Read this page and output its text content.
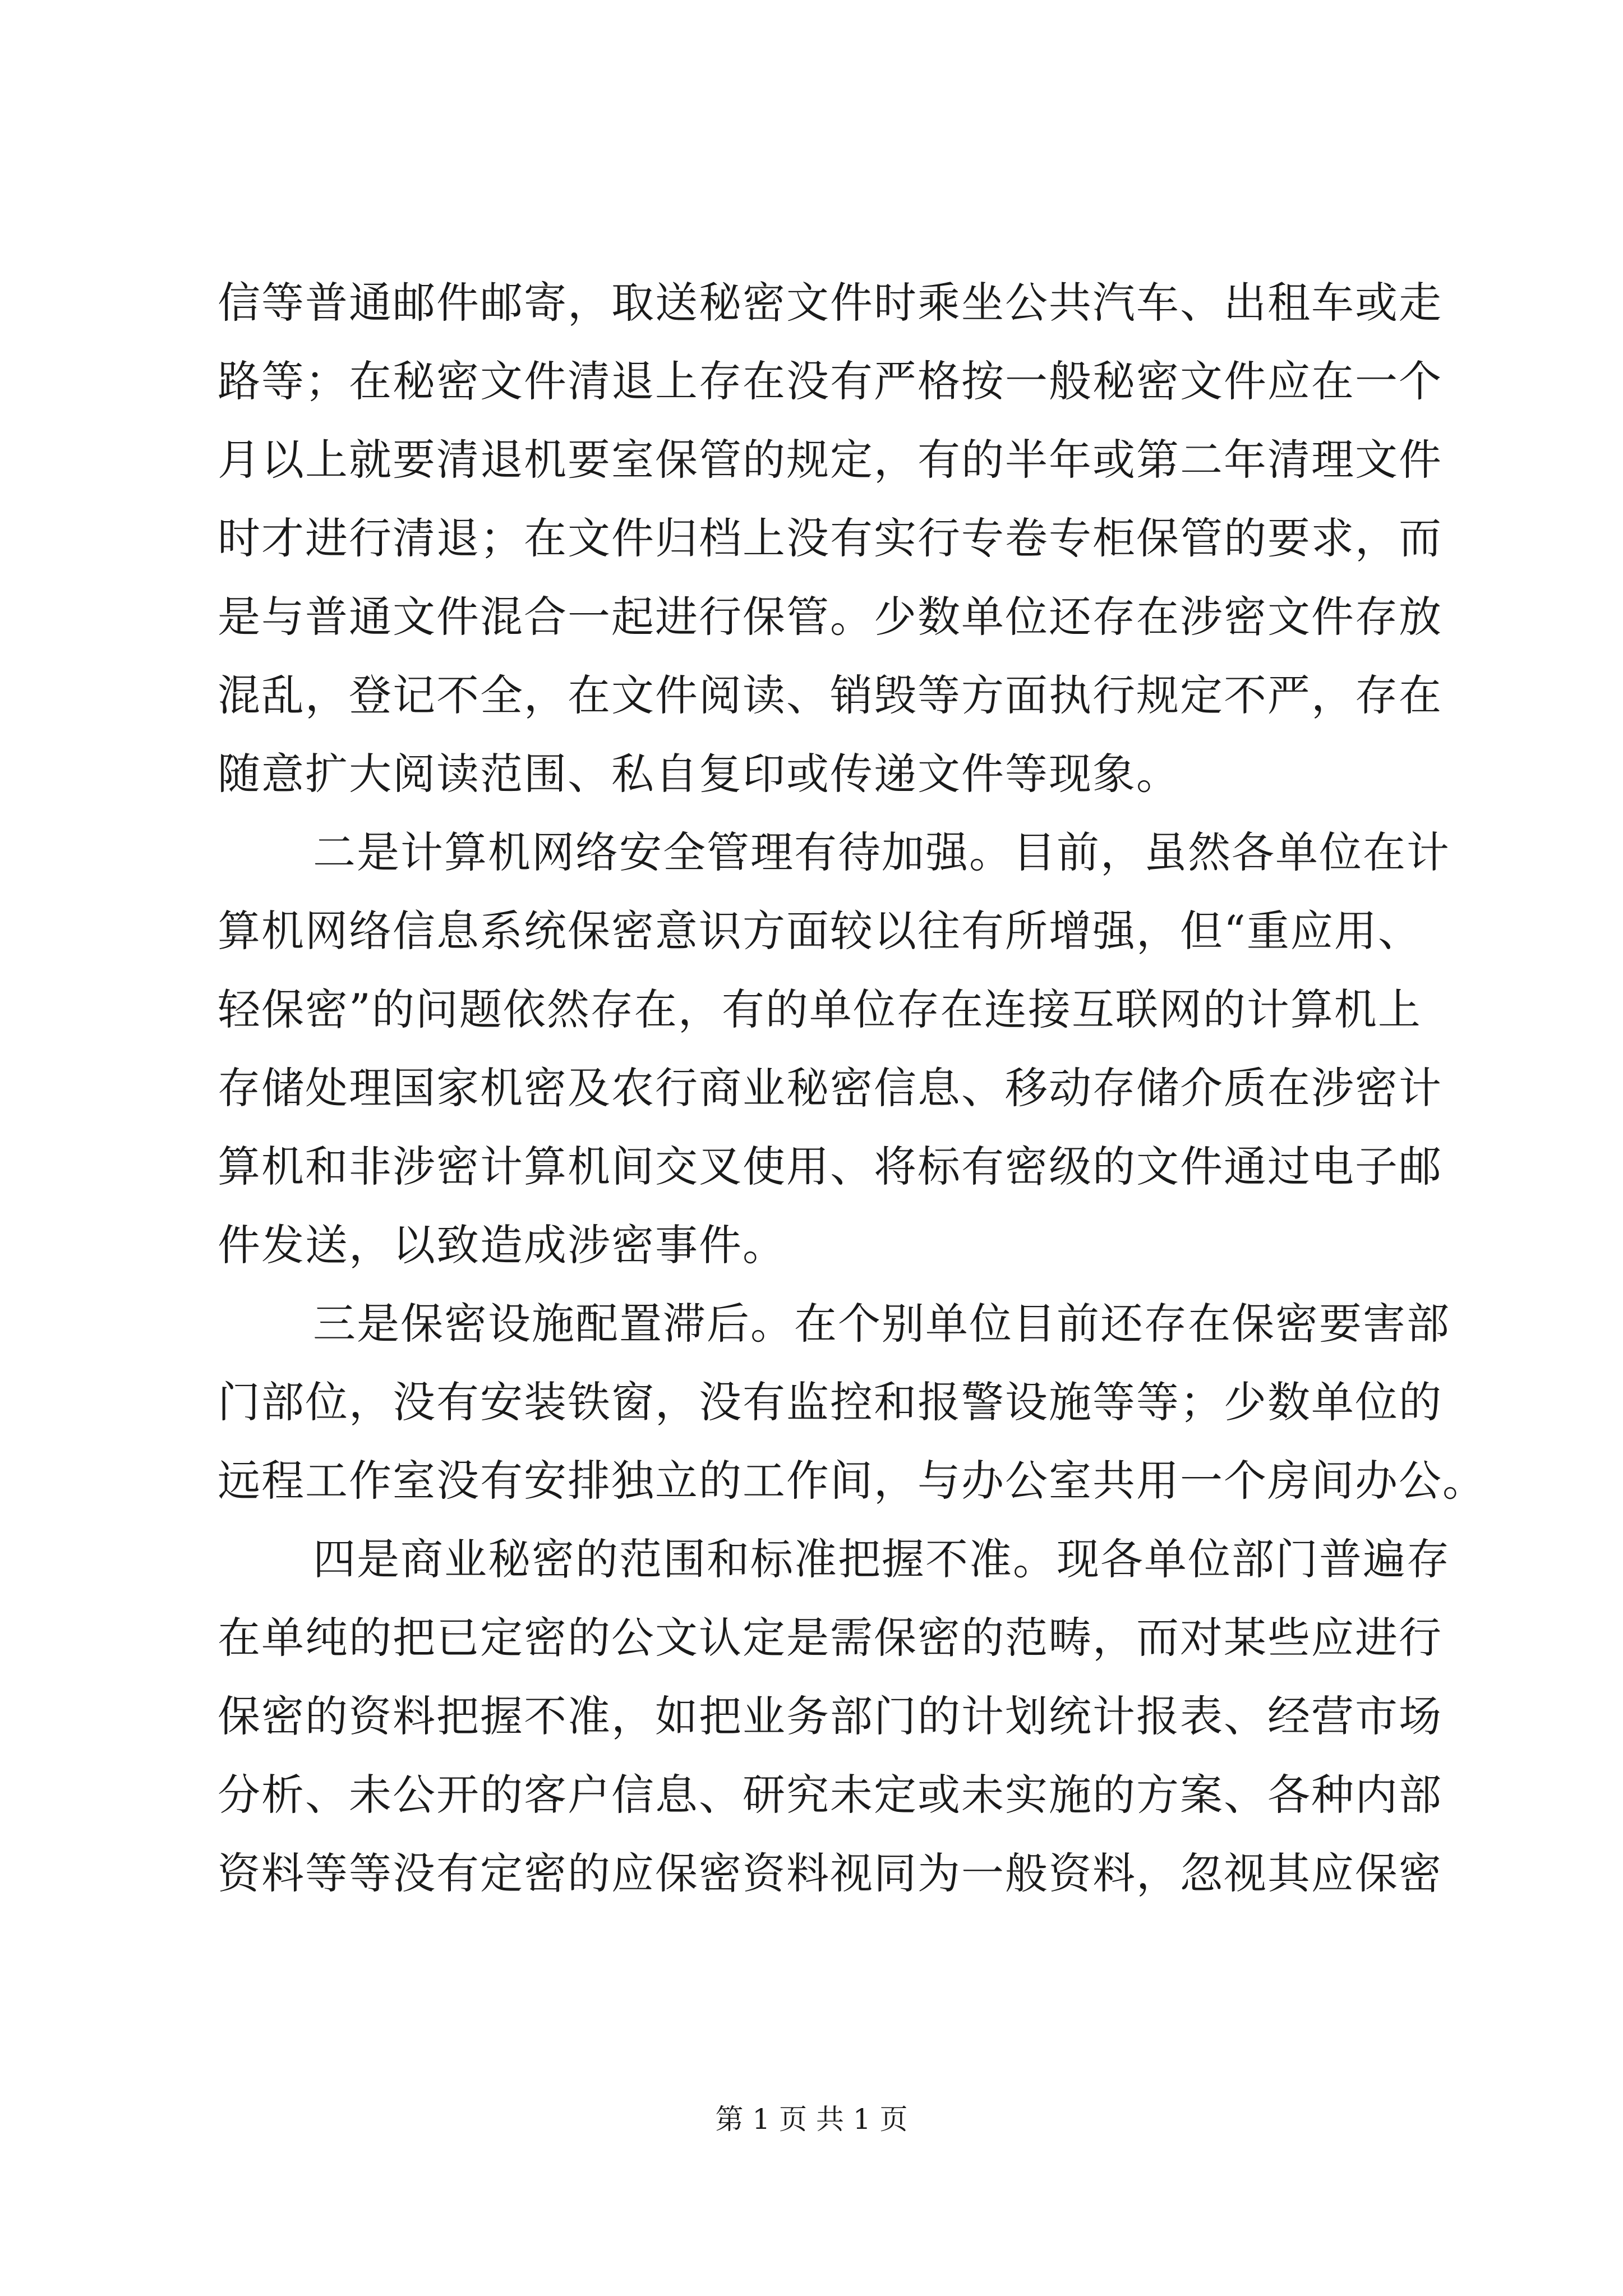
信等普通邮件邮寄，取送秘密文件时乘坐公共汽车、出租车或走
路等；在秘密文件清退上存在没有严格按一般秘密文件应在一个
月以上就要清退机要室保管的规定，有的半年或第二年清理文件
时才进行清退；在文件归档上没有实行专卷专柜保管的要求，而
是与普通文件混合一起进行保管。少数单位还存在涉密文件存放
混乱，登记不全，在文件阅读、销毁等方面执行规定不严，存在
随意扩大阅读范围、私自复印或传递文件等现象。
二是计算机网络安全管理有待加强。目前，虽然各单位在计
算机网络信息系统保密意识方面较以往有所增强，但“重应用、
轻保密”的问题依然存在，有的单位存在连接互联网的计算机上
存储处理国家机密及农行商业秘密信息、移动存储介质在涉密计
算机和非涉密计算机间交叉使用、将标有密级的文件通过电子邮
件发送，以致造成涉密事件。
三是保密设施配置滞后。在个别单位目前还存在保密要害部
门部位，没有安装铁窗，没有监控和报警设施等等；少数单位的
远程工作室没有安排独立的工作间，与办公室共用一个房间办公。
四是商业秘密的范围和标准把握不准。现各单位部门普遍存
在单纯的把已定密的公文认定是需保密的范畴，而对某些应进行
保密的资料把握不准，如把业务部门的计划统计报表、经营市场
分析、未公开的客户信息、研究未定或未实施的方案、各种内部
资料等等没有定密的应保密资料视同为一般资料，忽视其应保密
第 1 页 共 1 页
